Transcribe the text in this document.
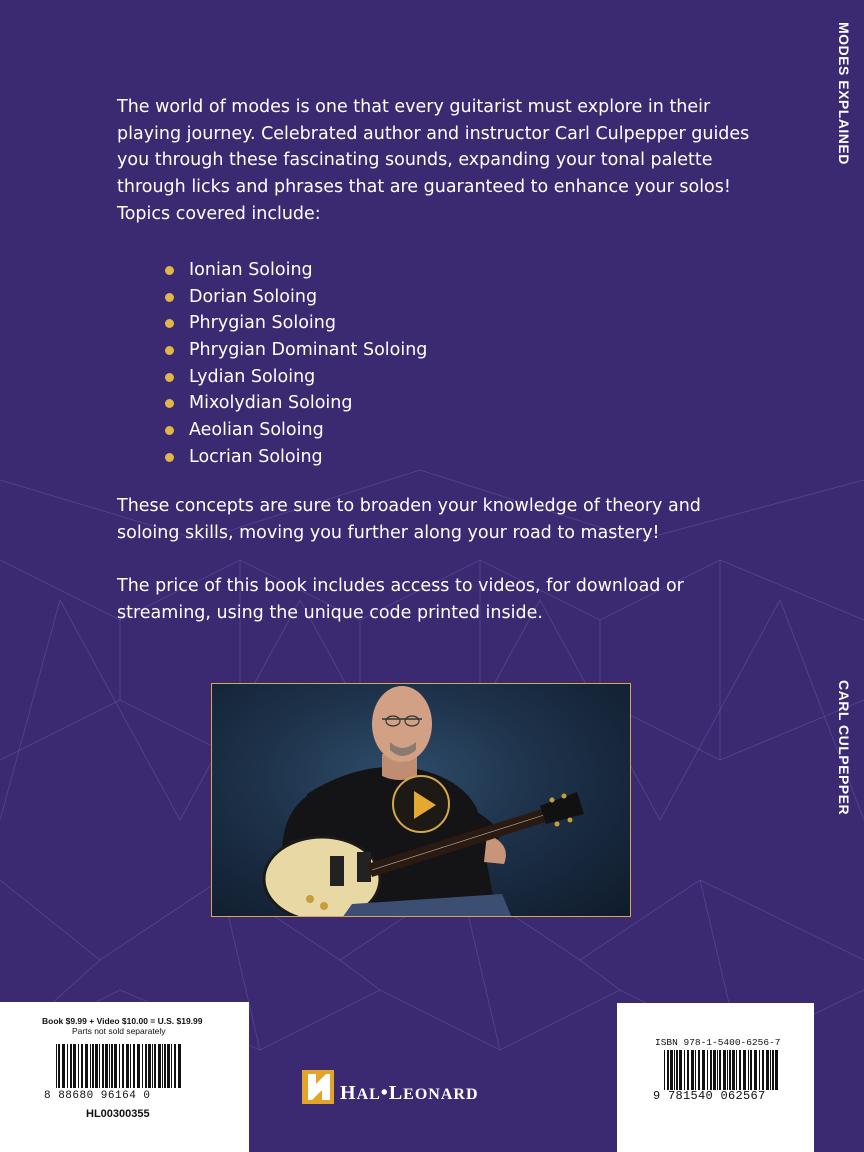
MODES EXPLAINED
CARL CULPEPPER
The world of modes is one that every guitarist must explore in their playing journey. Celebrated author and instructor Carl Culpepper guides you through these fascinating sounds, expanding your tonal palette through licks and phrases that are guaranteed to enhance your solos! Topics covered include:
Ionian Soloing
Dorian Soloing
Phrygian Soloing
Phrygian Dominant Soloing
Lydian Soloing
Mixolydian Soloing
Aeolian Soloing
Locrian Soloing
These concepts are sure to broaden your knowledge of theory and soloing skills, moving you further along your road to mastery!
The price of this book includes access to videos, for download or streaming, using the unique code printed inside.
Book $9.99 + Video $10.00 = U.S. $19.99
Parts not sold separately
8 88680 96164 0
HL00300355
HAL•LEONARD
ISBN 978-1-5400-6256-7
9 781540 062567
